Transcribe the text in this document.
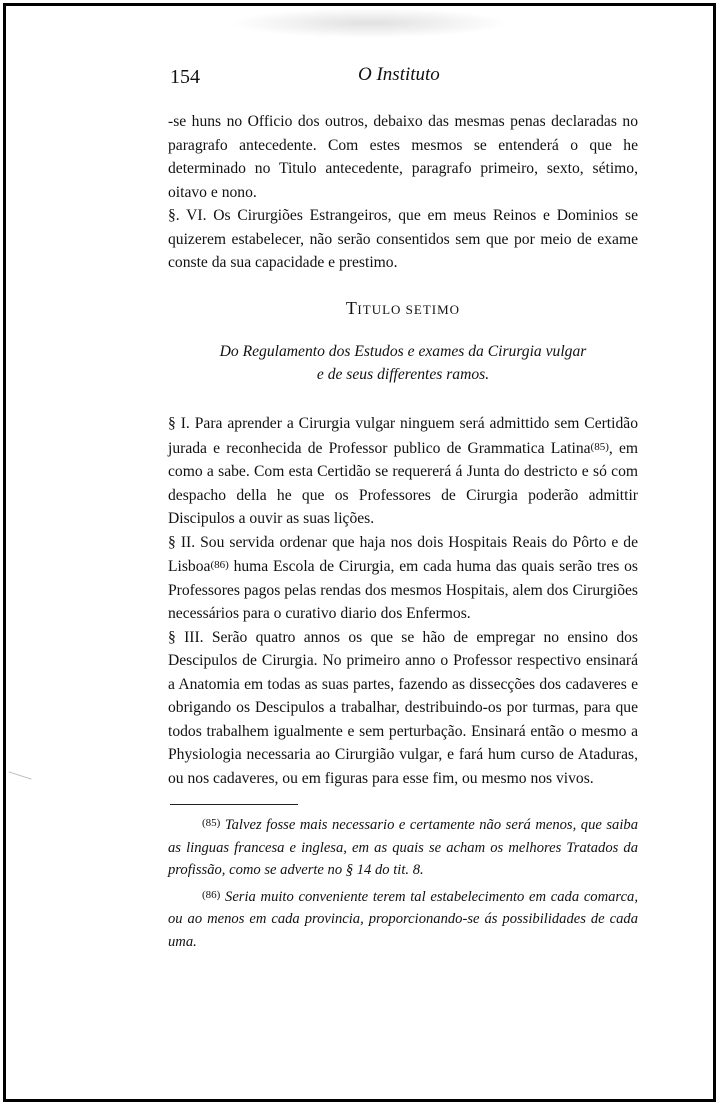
154	O Instituto

-se huns no Officio dos outros, debaixo das mesmas penas declaradas no paragrafo antecedente. Com estes mesmos se entenderá o que he determinado no Titulo antecedente, paragrafo primeiro, sexto, sétimo, oitavo e nono.

§. VI. Os Cirurgiões Estrangeiros, que em meus Reinos e Dominios se quizerem estabelecer, não serão consentidos sem que por meio de exame conste da sua capacidade e prestimo.

TITULO SETIMO
Do Regulamento dos Estudos e exames da Cirurgia vulgar
e de seus differentes ramos.

§ I. Para aprender a Cirurgia vulgar ninguem será admittido sem Certidão jurada e reconhecida de Professor publico de Grammatica Latina(85), em como a sabe. Com esta Certidão se requererá á Junta do destricto e só com despacho della he que os Professores de Cirurgia poderão admittir Discipulos a ouvir as suas lições.

§ II. Sou servida ordenar que haja nos dois Hospitais Reais do Pôrto e de Lisboa(86) huma Escola de Cirurgia, em cada huma das quais serão tres os Professores pagos pelas rendas dos mesmos Hospitais, alem dos Cirurgiões necessários para o curativo diario dos Enfermos.

§ III. Serão quatro annos os que se hão de empregar no ensino dos Descipulos de Cirurgia. No primeiro anno o Professor respectivo ensinará a Anatomia em todas as suas partes, fazendo as dissecções dos cadaveres e obrigando os Descipulos a trabalhar, destribuindo-os por turmas, para que todos trabalhem igualmente e sem perturbação. Ensinará então o mesmo a Physiologia necessaria ao Cirurgião vulgar, e fará hum curso de Ataduras, ou nos cadaveres, ou em figuras para esse fim, ou mesmo nos vivos.

$^{(85)}$ Talvez fosse mais necessario e certamente não será menos, que saiba as linguas francesa e inglesa, em as quais se acham os melhores Tratados da profissão, como se adverte no § 14 do tit. 8.

$^{(86)}$ Seria muito conveniente terem tal estabelecimento em cada comarca, ou ao menos em cada provincia, proporcionando-se ás possibilidades de cada uma.
